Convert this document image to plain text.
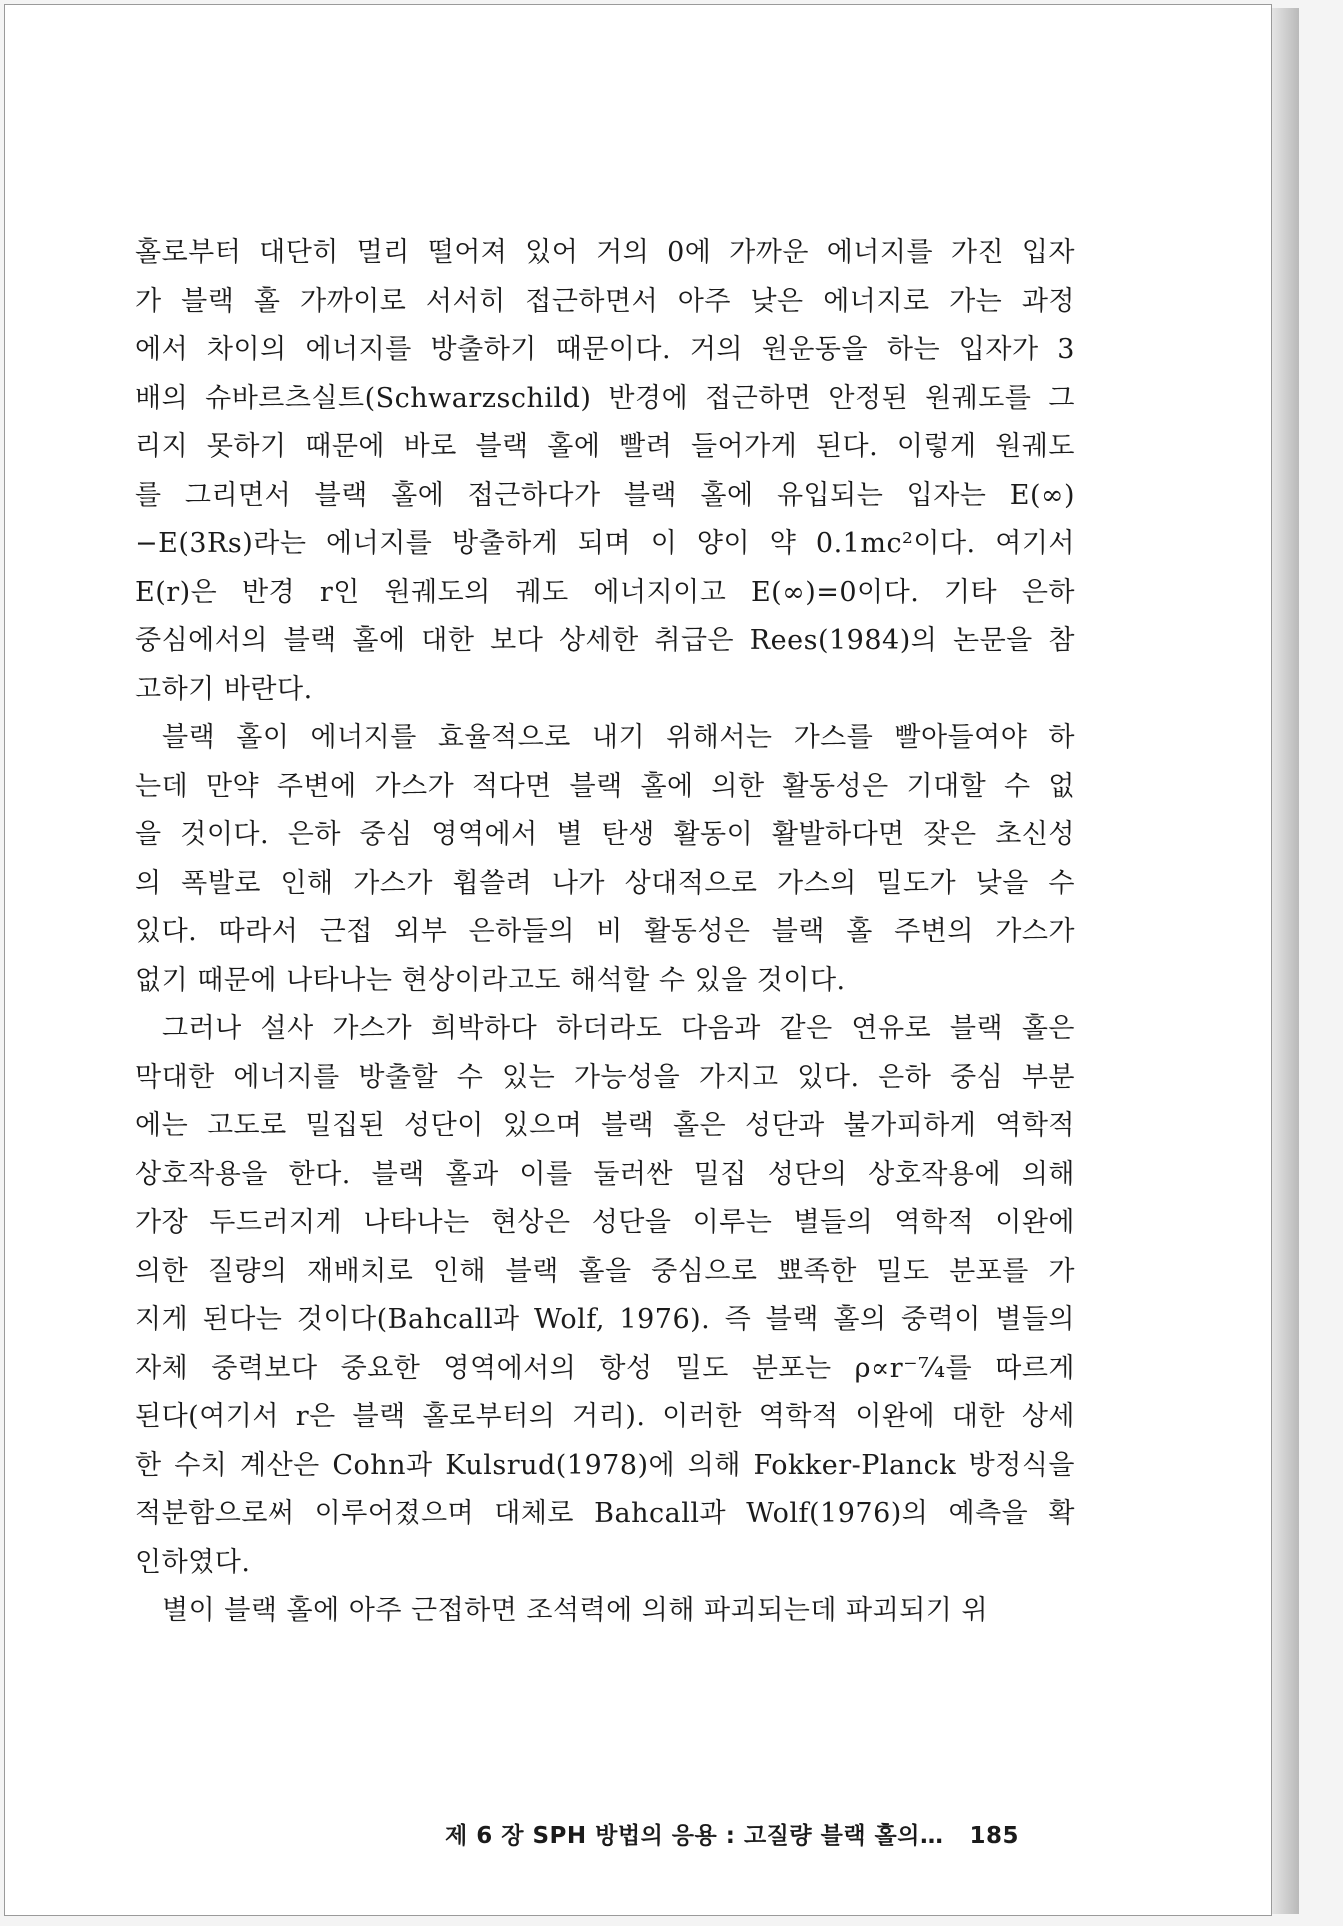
홀로부터 대단히 멀리 떨어져 있어 거의 0에 가까운 에너지를 가진 입자
가 블랙 홀 가까이로 서서히 접근하면서 아주 낮은 에너지로 가는 과정
에서 차이의 에너지를 방출하기 때문이다. 거의 원운동을 하는 입자가 3
배의 슈바르츠실트(Schwarzschild) 반경에 접근하면 안정된 원궤도를 그
리지 못하기 때문에 바로 블랙 홀에 빨려 들어가게 된다. 이렇게 원궤도
를 그리면서 블랙 홀에 접근하다가 블랙 홀에 유입되는 입자는 E(∞)
−E(3Rs)라는 에너지를 방출하게 되며 이 양이 약 0.1mc²이다. 여기서
E(r)은 반경 r인 원궤도의 궤도 에너지이고 E(∞)=0이다. 기타 은하
중심에서의 블랙 홀에 대한 보다 상세한 취급은 Rees(1984)의 논문을 참
고하기 바란다.

블랙 홀이 에너지를 효율적으로 내기 위해서는 가스를 빨아들여야 하
는데 만약 주변에 가스가 적다면 블랙 홀에 의한 활동성은 기대할 수 없
을 것이다. 은하 중심 영역에서 별 탄생 활동이 활발하다면 잦은 초신성
의 폭발로 인해 가스가 휩쓸려 나가 상대적으로 가스의 밀도가 낮을 수
있다. 따라서 근접 외부 은하들의 비 활동성은 블랙 홀 주변의 가스가
없기 때문에 나타나는 현상이라고도 해석할 수 있을 것이다.

그러나 설사 가스가 희박하다 하더라도 다음과 같은 연유로 블랙 홀은
막대한 에너지를 방출할 수 있는 가능성을 가지고 있다. 은하 중심 부분
에는 고도로 밀집된 성단이 있으며 블랙 홀은 성단과 불가피하게 역학적
상호작용을 한다. 블랙 홀과 이를 둘러싼 밀집 성단의 상호작용에 의해
가장 두드러지게 나타나는 현상은 성단을 이루는 별들의 역학적 이완에
의한 질량의 재배치로 인해 블랙 홀을 중심으로 뾰족한 밀도 분포를 가
지게 된다는 것이다(Bahcall과 Wolf, 1976). 즉 블랙 홀의 중력이 별들의
자체 중력보다 중요한 영역에서의 항성 밀도 분포는 ρ∝r⁻⁷⁄₄를 따르게
된다(여기서 r은 블랙 홀로부터의 거리). 이러한 역학적 이완에 대한 상세
한 수치 계산은 Cohn과 Kulsrud(1978)에 의해 Fokker-Planck 방정식을
적분함으로써 이루어졌으며 대체로 Bahcall과 Wolf(1976)의 예측을 확
인하였다.

별이 블랙 홀에 아주 근접하면 조석력에 의해 파괴되는데 파괴되기 위

제 6 장 SPH 방법의 응용 : 고질량 블랙 홀의… 185
